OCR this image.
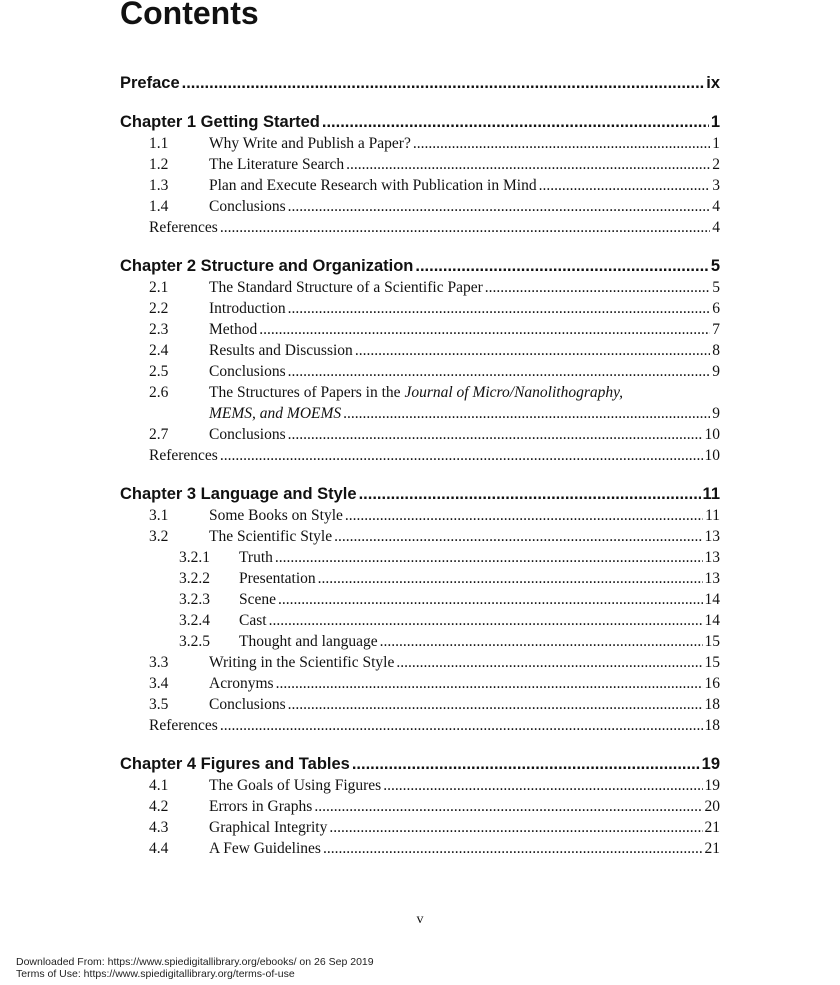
Contents
Preface .....	ix
Chapter 1 Getting Started .....	1
1.1	Why Write and Publish a Paper? .....	1
1.2	The Literature Search .....	2
1.3	Plan and Execute Research with Publication in Mind .....	3
1.4	Conclusions .....	4
References .....	4
Chapter 2 Structure and Organization .....	5
2.1	The Standard Structure of a Scientific Paper .....	5
2.2	Introduction .....	6
2.3	Method .....	7
2.4	Results and Discussion .....	8
2.5	Conclusions .....	9
2.6	The Structures of Papers in the Journal of Micro/Nanolithography,
MEMS, and MOEMS .....	9
2.7	Conclusions .....	10
References .....	10
Chapter 3 Language and Style .....	11
3.1	Some Books on Style .....	11
3.2	The Scientific Style .....	13
3.2.1	Truth .....	13
3.2.2	Presentation .....	13
3.2.3	Scene .....	14
3.2.4	Cast .....	14
3.2.5	Thought and language .....	15
3.3	Writing in the Scientific Style .....	15
3.4	Acronyms .....	16
3.5	Conclusions .....	18
References .....	18
Chapter 4 Figures and Tables .....	19
4.1	The Goals of Using Figures .....	19
4.2	Errors in Graphs .....	20
4.3	Graphical Integrity .....	21
4.4	A Few Guidelines .....	21
v
Downloaded From: https://www.spiedigitallibrary.org/ebooks/ on 26 Sep 2019
Terms of Use: https://www.spiedigitallibrary.org/terms-of-use
